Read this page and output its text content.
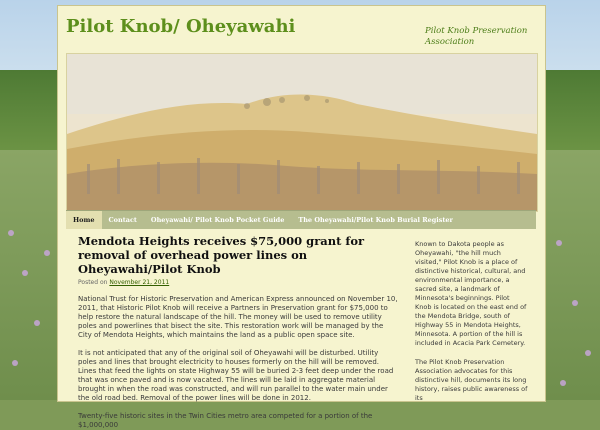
Pilot Knob/ Oheyawahi	Pilot Knob Preservation Association

Home	Contact	Oheyawahi/ Pilot Knob Pocket Guide	The Oheyawahi/Pilot Knob Burial Register
Mendota Heights receives $75,000 grant for removal of overhead power lines on Oheyawahi/Pilot Knob
Posted on November 21, 2011

National Trust for Historic Preservation and American Express announced on November 10, 2011, that Historic Pilot Knob will receive a Partners in Preservation grant for $75,000 to help restore the natural landscape of the hill. The money will be used to remove utility poles and powerlines that bisect the site. This restoration work will be managed by the City of Mendota Heights, which maintains the land as a public open space site.

It is not anticipated that any of the original soil of Oheyawahi will be disturbed. Utility poles and lines that brought electricity to houses formerly on the hill will be removed. Lines that feed the lights on state Highway 55 will be buried 2-3 feet deep under the road that was once paved and is now vacated. The lines will be laid in aggregate material brought in when the road was constructed, and will run parallel to the water main under the old road bed. Removal of the power lines will be done in 2012.

Twenty-five historic sites in the Twin Cities metro area competed for a portion of the $1,000,000

Known to Dakota people as Oheyawahi, "the hill much visited," Pilot Knob is a place of distinctive historical, cultural, and environmental importance, a sacred site, a landmark of Minnesota's beginnings. Pilot Knob is located on the east end of the Mendota Bridge, south of Highway 55 in Mendota Heights, Minnesota. A portion of the hill is included in Acacia Park Cemetery.

The Pilot Knob Preservation Association advocates for this distinctive hill, documents its long history, raises public awareness of its
